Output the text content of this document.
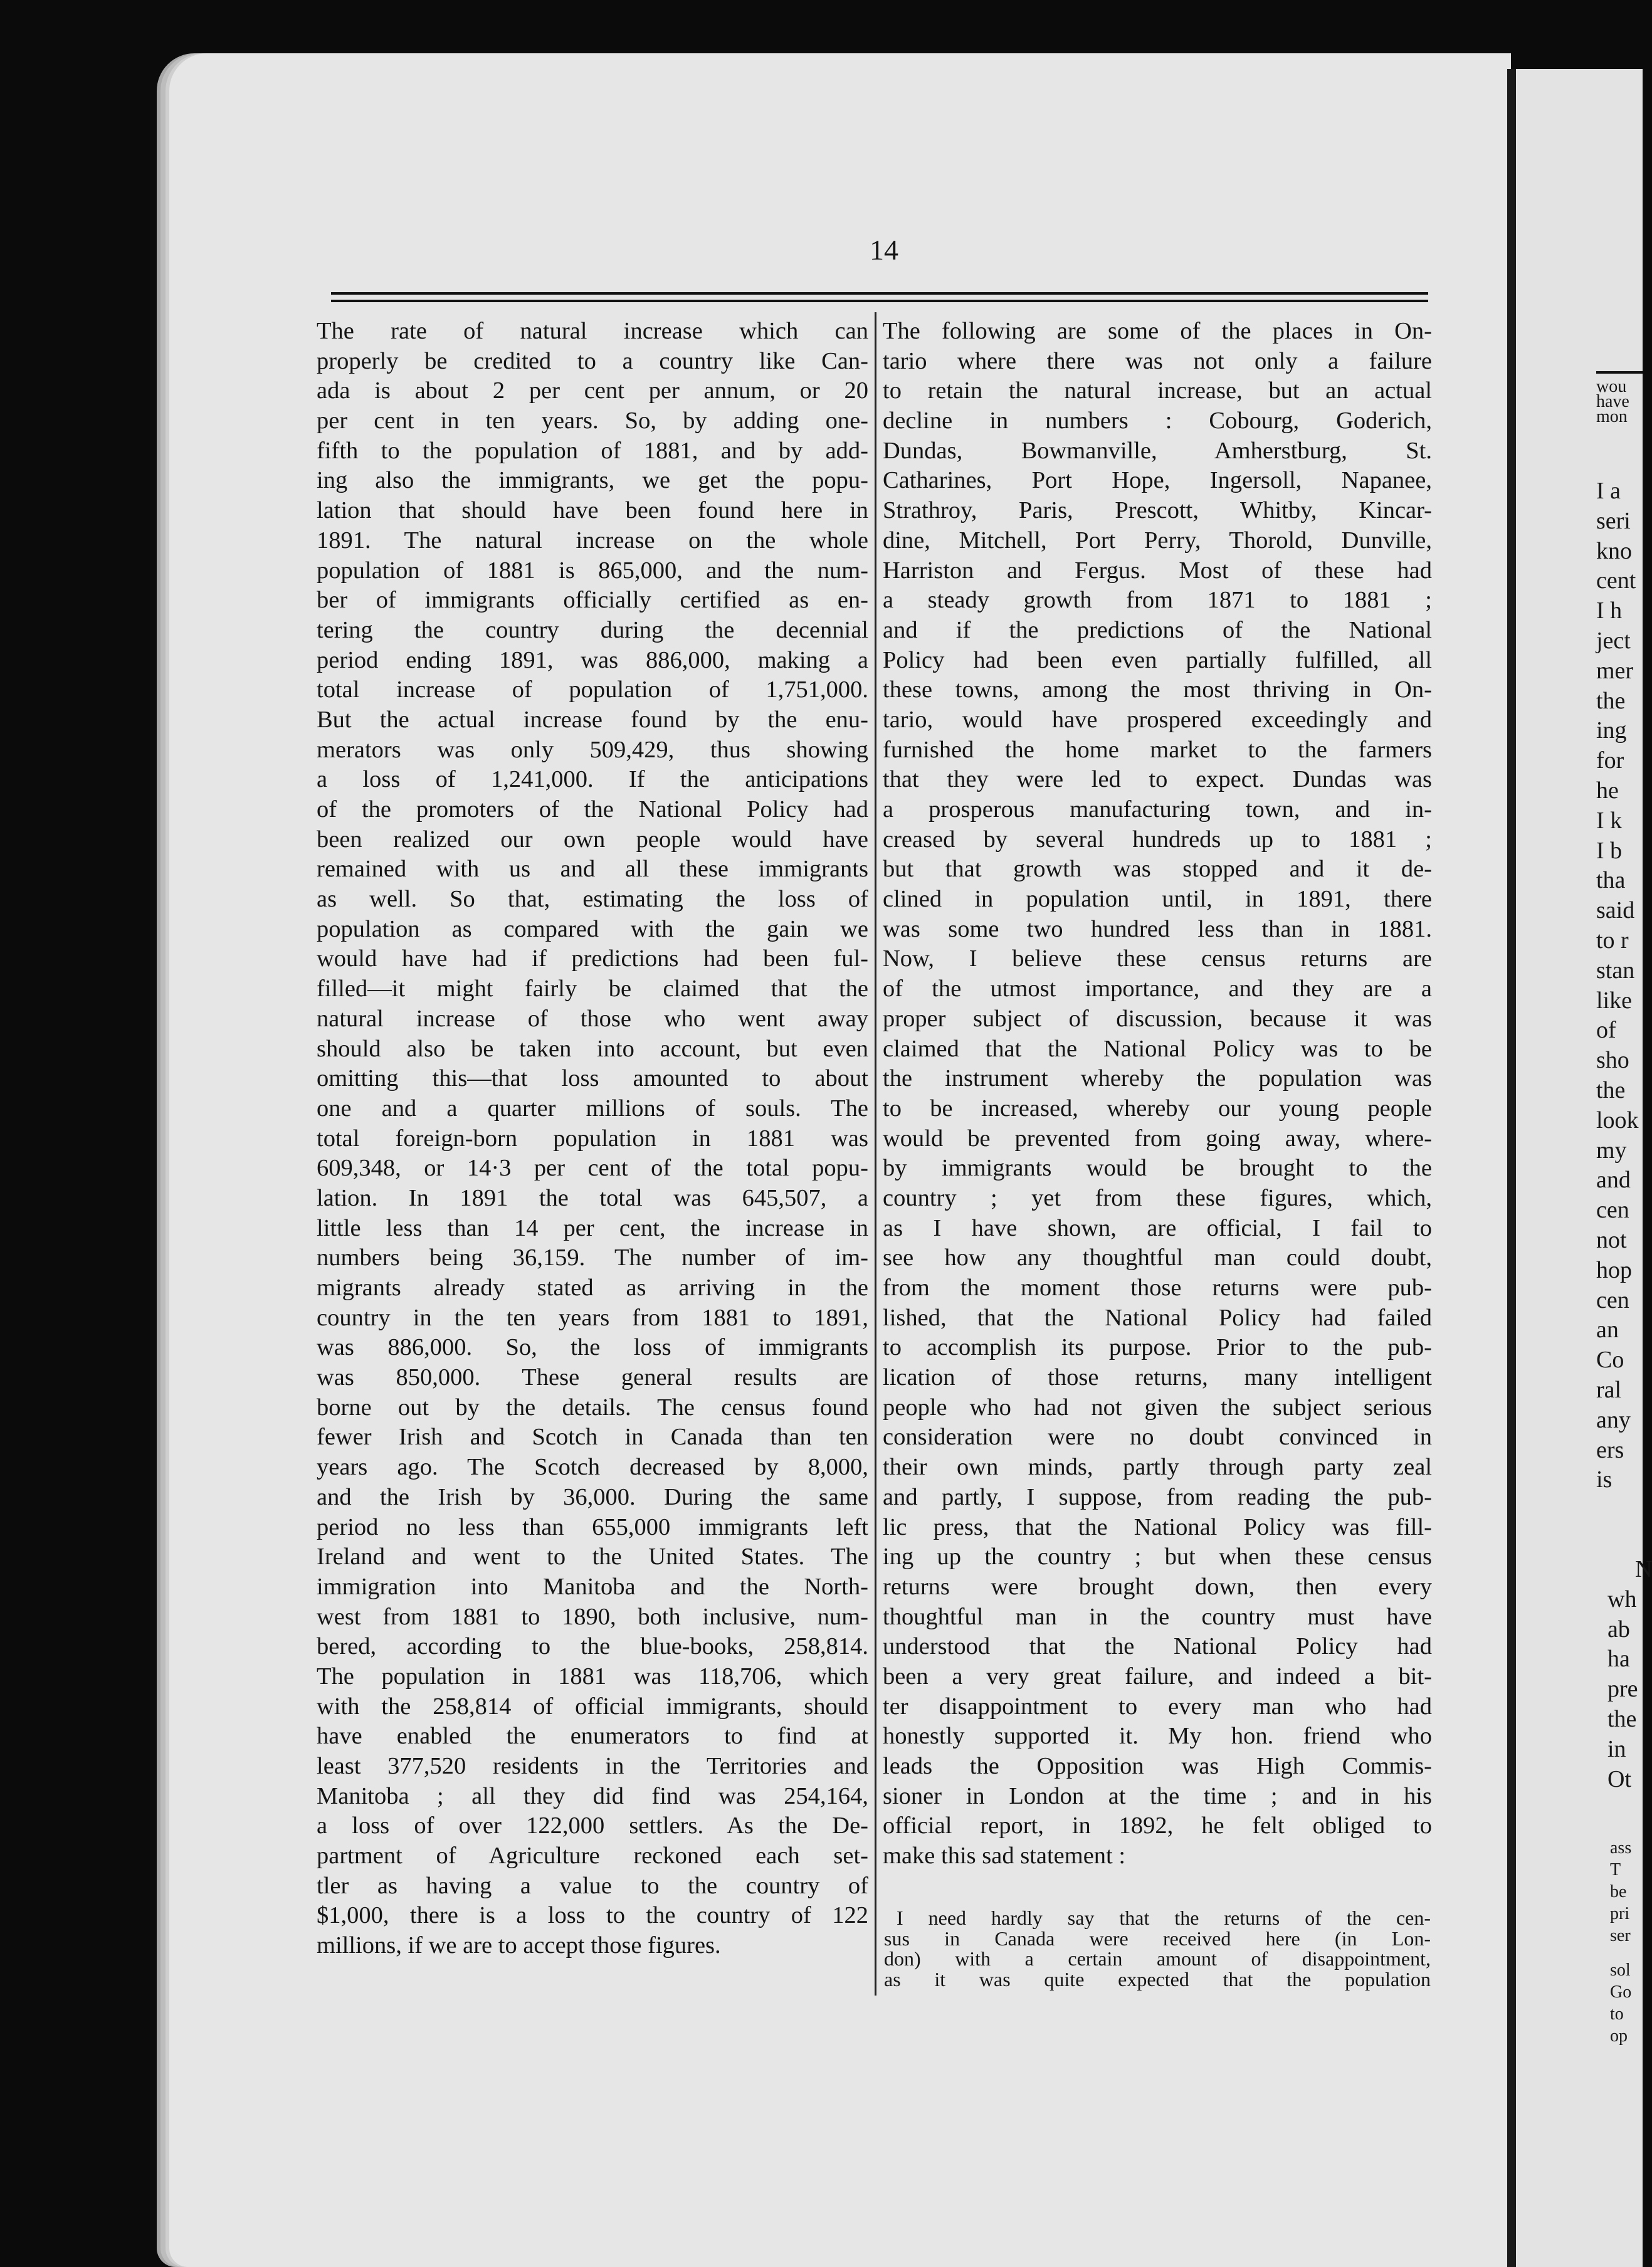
wou
have
mon
I a
seri
kno
cent
I h
ject
mer
the
ing
for
he
I k
I b
tha
said
to r
stan
like
of
sho
the
look
my
and
cen
not
hop
cen
an
Co
ral
any
ers
is
N
wh
ab
ha
pre
the
in
Ot
ass
T
be
pri
ser
sol
Go
to
op
14
The rate of natural increase which can
properly be credited to a country like Can-
ada is about 2 per cent per annum, or 20
per cent in ten years. So, by adding one-
fifth to the population of 1881, and by add-
ing also the immigrants, we get the popu-
lation that should have been found here in
1891. The natural increase on the whole
population of 1881 is 865,000, and the num-
ber of immigrants officially certified as en-
tering the country during the decennial
period ending 1891, was 886,000, making a
total increase of population of 1,751,000.
But the actual increase found by the enu-
merators was only 509,429, thus showing
a loss of 1,241,000. If the anticipations
of the promoters of the National Policy had
been realized our own people would have
remained with us and all these immigrants
as well. So that, estimating the loss of
population as compared with the gain we
would have had if predictions had been ful-
filled—it might fairly be claimed that the
natural increase of those who went away
should also be taken into account, but even
omitting this—that loss amounted to about
one and a quarter millions of souls. The
total foreign-born population in 1881 was
609,348, or 14·3 per cent of the total popu-
lation. In 1891 the total was 645,507, a
little less than 14 per cent, the increase in
numbers being 36,159. The number of im-
migrants already stated as arriving in the
country in the ten years from 1881 to 1891,
was 886,000. So, the loss of immigrants
was 850,000. These general results are
borne out by the details. The census found
fewer Irish and Scotch in Canada than ten
years ago. The Scotch decreased by 8,000,
and the Irish by 36,000. During the same
period no less than 655,000 immigrants left
Ireland and went to the United States. The
immigration into Manitoba and the North-
west from 1881 to 1890, both inclusive, num-
bered, according to the blue-books, 258,814.
The population in 1881 was 118,706, which
with the 258,814 of official immigrants, should
have enabled the enumerators to find at
least 377,520 residents in the Territories and
Manitoba ; all they did find was 254,164,
a loss of over 122,000 settlers. As the De-
partment of Agriculture reckoned each set-
tler as having a value to the country of
$1,000, there is a loss to the country of 122
millions, if we are to accept those figures.
The following are some of the places in On-
tario where there was not only a failure
to retain the natural increase, but an actual
decline in numbers : Cobourg, Goderich,
Dundas, Bowmanville, Amherstburg, St.
Catharines, Port Hope, Ingersoll, Napanee,
Strathroy, Paris, Prescott, Whitby, Kincar-
dine, Mitchell, Port Perry, Thorold, Dunville,
Harriston and Fergus. Most of these had
a steady growth from 1871 to 1881 ;
and if the predictions of the National
Policy had been even partially fulfilled, all
these towns, among the most thriving in On-
tario, would have prospered exceedingly and
furnished the home market to the farmers
that they were led to expect. Dundas was
a prosperous manufacturing town, and in-
creased by several hundreds up to 1881 ;
but that growth was stopped and it de-
clined in population until, in 1891, there
was some two hundred less than in 1881.
Now, I believe these census returns are
of the utmost importance, and they are a
proper subject of discussion, because it was
claimed that the National Policy was to be
the instrument whereby the population was
to be increased, whereby our young people
would be prevented from going away, where-
by immigrants would be brought to the
country ; yet from these figures, which,
as I have shown, are official, I fail to
see how any thoughtful man could doubt,
from the moment those returns were pub-
lished, that the National Policy had failed
to accomplish its purpose. Prior to the pub-
lication of those returns, many intelligent
people who had not given the subject serious
consideration were no doubt convinced in
their own minds, partly through party zeal
and partly, I suppose, from reading the pub-
lic press, that the National Policy was fill-
ing up the country ; but when these census
returns were brought down, then every
thoughtful man in the country must have
understood that the National Policy had
been a very great failure, and indeed a bit-
ter disappointment to every man who had
honestly supported it. My hon. friend who
leads the Opposition was High Commis-
sioner in London at the time ; and in his
official report, in 1892, he felt obliged to
make this sad statement :
I need hardly say that the returns of the cen-
sus in Canada were received here (in Lon-
don) with a certain amount of disappointment,
as it was quite expected that the population
